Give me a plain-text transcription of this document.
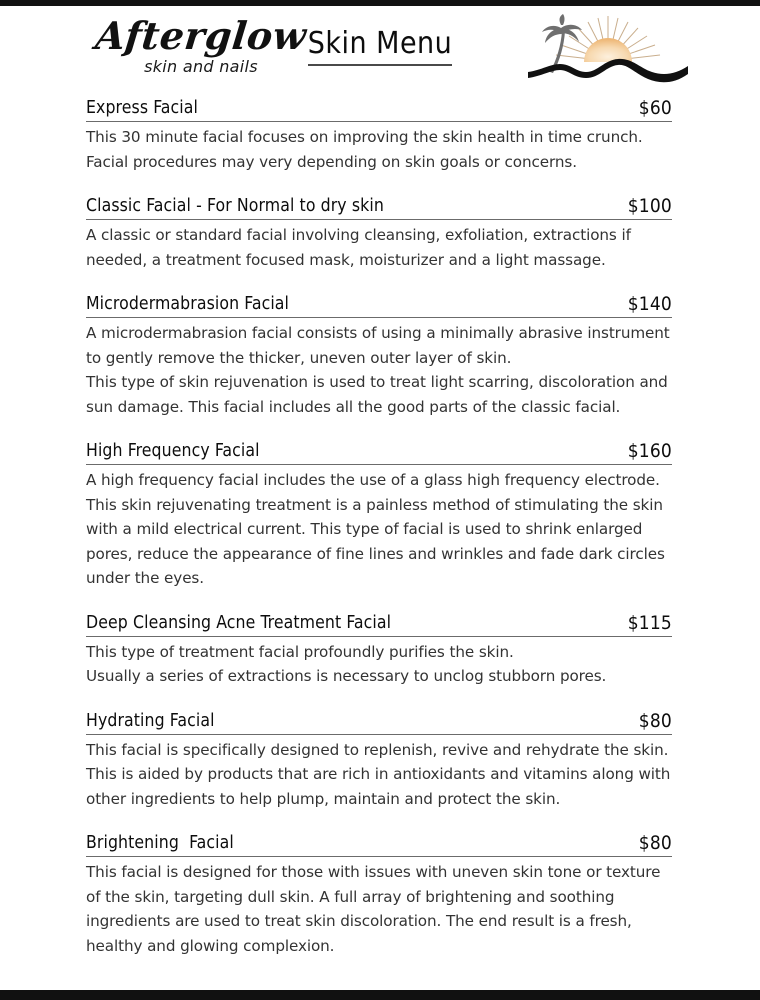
Afterglow
skin and nails
Skin Menu
Express Facial	$60

This 30 minute facial focuses on improving the skin health in time crunch. Facial procedures may very depending on skin goals or concerns.

Classic Facial - For Normal to dry skin	$100

A classic or standard facial involving cleansing, exfoliation, extractions if needed, a treatment focused mask, moisturizer and a light massage.

Microdermabrasion Facial	$140

A microdermabrasion facial consists of using a minimally abrasive instrument to gently remove the thicker, uneven outer layer of skin.

This type of skin rejuvenation is used to treat light scarring, discoloration and sun damage. This facial includes all the good parts of the classic facial.

High Frequency Facial	$160

A high frequency facial includes the use of a glass high frequency electrode. This skin rejuvenating treatment is a painless method of stimulating the skin with a mild electrical current. This type of facial is used to shrink enlarged pores, reduce the appearance of fine lines and wrinkles and fade dark circles under the eyes.

Deep Cleansing Acne Treatment Facial	$115

This type of treatment facial profoundly purifies the skin.

Usually a series of extractions is necessary to unclog stubborn pores.

Hydrating Facial	$80

This facial is specifically designed to replenish, revive and rehydrate the skin. This is aided by products that are rich in antioxidants and vitamins along with other ingredients to help plump, maintain and protect the skin.

Brightening  Facial	$80

This facial is designed for those with issues with uneven skin tone or texture of the skin, targeting dull skin. A full array of brightening and soothing ingredients are used to treat skin discoloration. The end result is a fresh, healthy and glowing complexion.
